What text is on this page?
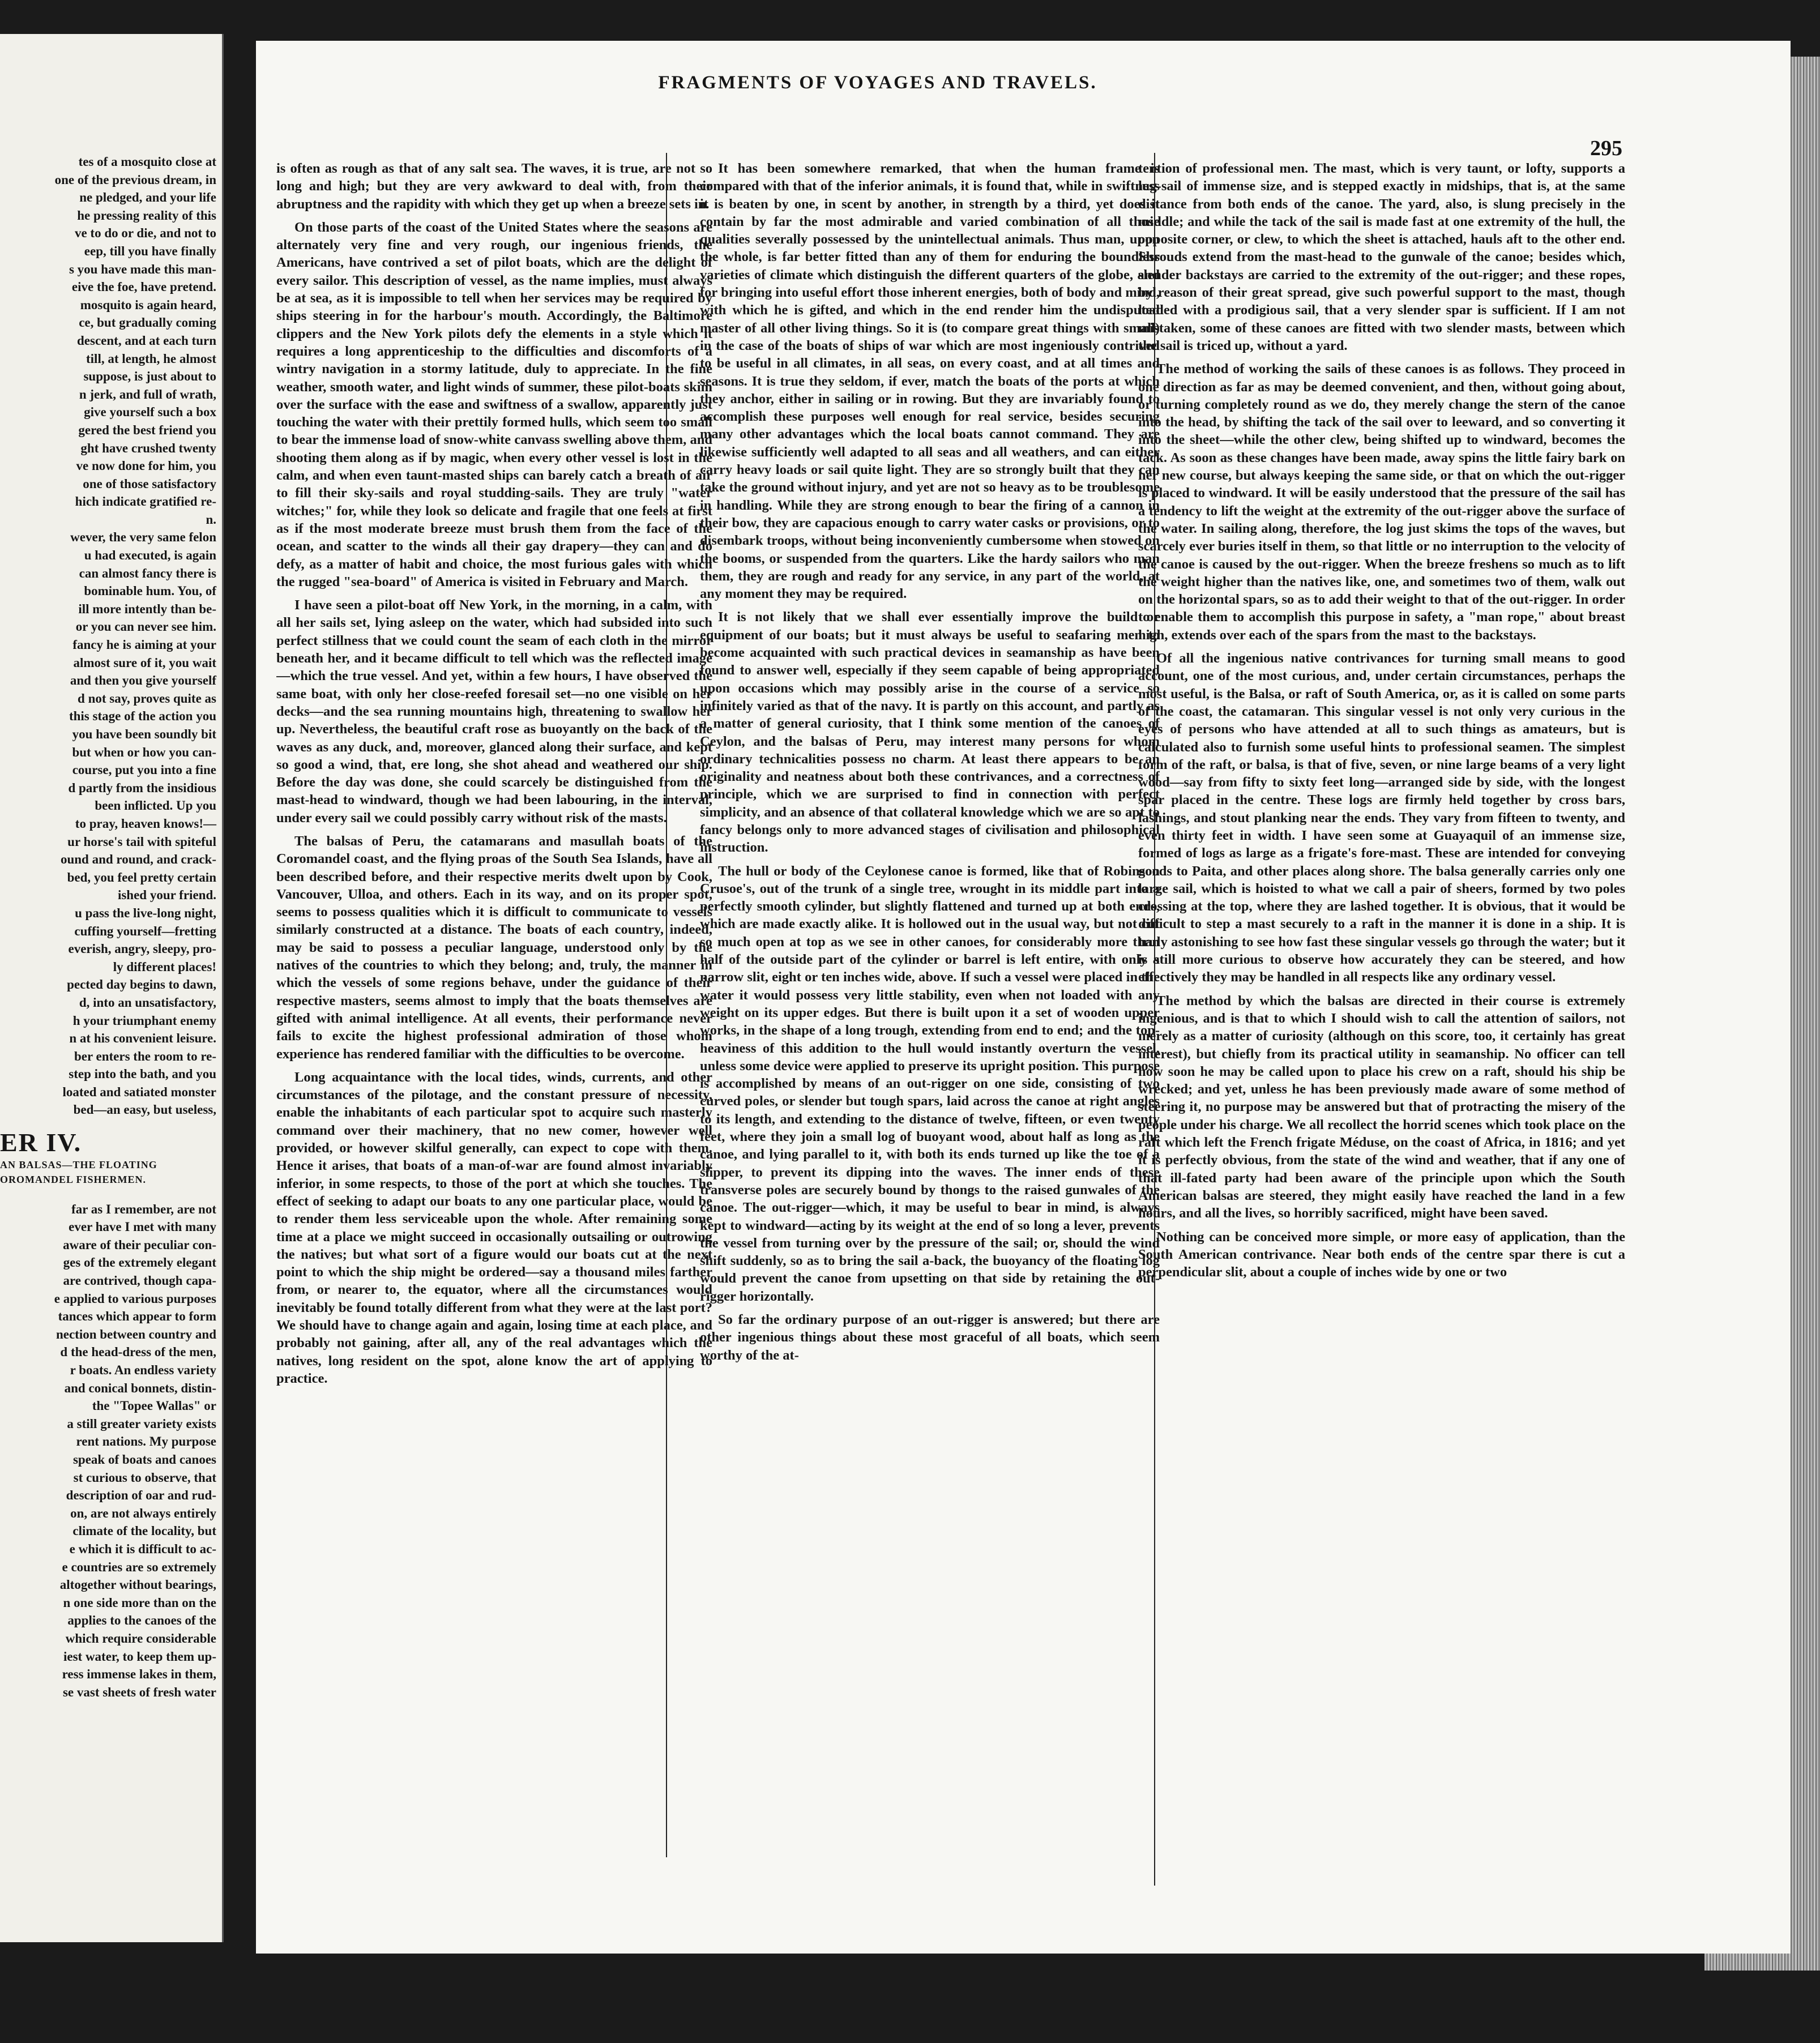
tes of a mosquito close at

one of the previous dream, in

ne pledged, and your life

he pressing reality of this

ve to do or die, and not to

eep, till you have finally

s you have made this man-

eive the foe, have pretend.

mosquito is again heard,

ce, but gradually coming

descent, and at each turn

till, at length, he almost

suppose, is just about to

n jerk, and full of wrath,

give yourself such a box

gered the best friend you

ght have crushed twenty

ve now done for him, you

one of those satisfactory

hich indicate gratified re-

n.

wever, the very same felon

u had executed, is again

can almost fancy there is

bominable hum. You, of

ill more intently than be-

or you can never see him.

fancy he is aiming at your

almost sure of it, you wait

and then you give yourself

d not say, proves quite as

this stage of the action you

you have been soundly bit

but when or how you can-

course, put you into a fine

d partly from the insidious

been inflicted. Up you

to pray, heaven knows!—

ur horse's tail with spiteful

ound and round, and crack-

bed, you feel pretty certain

ished your friend.

u pass the live-long night,

cuffing yourself—fretting

everish, angry, sleepy, pro-

ly different places!

pected day begins to dawn,

d, into an unsatisfactory,

h your triumphant enemy

n at his convenient leisure.

ber enters the room to re-

step into the bath, and you

loated and satiated monster

bed—an easy, but useless,

ER IV.
AN BALSAS—THE FLOATING
OROMANDEL FISHERMEN.

far as I remember, are not

ever have I met with many

aware of their peculiar con-

ges of the extremely elegant

are contrived, though capa-

e applied to various purposes

tances which appear to form

nection between country and

d the head-dress of the men,

r boats. An endless variety

and conical bonnets, distin-

the "Topee Wallas" or

a still greater variety exists

rent nations. My purpose

speak of boats and canoes

st curious to observe, that

description of oar and rud-

on, are not always entirely

climate of the locality, but

e which it is difficult to ac-

e countries are so extremely

altogether without bearings,

n one side more than on the

applies to the canoes of the

which require considerable

iest water, to keep them up-

ress immense lakes in them,

se vast sheets of fresh water

FRAGMENTS OF VOYAGES AND TRAVELS.
295

is often as rough as that of any salt sea. The waves, it is true, are not so long and high; but they are very awkward to deal with, from their abruptness and the rapidity with which they get up when a breeze sets in.

On those parts of the coast of the United States where the seasons are alternately very fine and very rough, our ingenious friends, the Americans, have contrived a set of pilot boats, which are the delight of every sailor. This description of vessel, as the name implies, must always be at sea, as it is impossible to tell when her services may be required by ships steering in for the harbour's mouth. Accordingly, the Baltimore clippers and the New York pilots defy the elements in a style which it requires a long apprenticeship to the difficulties and discomforts of a wintry navigation in a stormy latitude, duly to appreciate. In the fine weather, smooth water, and light winds of summer, these pilot-boats skim over the surface with the ease and swiftness of a swallow, apparently just touching the water with their prettily formed hulls, which seem too small to bear the immense load of snow-white canvass swelling above them, and shooting them along as if by magic, when every other vessel is lost in the calm, and when even taunt-masted ships can barely catch a breath of air to fill their sky-sails and royal studding-sails. They are truly "water witches;" for, while they look so delicate and fragile that one feels at first as if the most moderate breeze must brush them from the face of the ocean, and scatter to the winds all their gay drapery—they can and do defy, as a matter of habit and choice, the most furious gales with which the rugged "sea-board" of America is visited in February and March.

I have seen a pilot-boat off New York, in the morning, in a calm, with all her sails set, lying asleep on the water, which had subsided into such perfect stillness that we could count the seam of each cloth in the mirror beneath her, and it became difficult to tell which was the reflected image—which the true vessel. And yet, within a few hours, I have observed the same boat, with only her close-reefed foresail set—no one visible on her decks—and the sea running mountains high, threatening to swallow her up. Nevertheless, the beautiful craft rose as buoyantly on the back of the waves as any duck, and, moreover, glanced along their surface, and kept so good a wind, that, ere long, she shot ahead and weathered our ship. Before the day was done, she could scarcely be distinguished from the mast-head to windward, though we had been labouring, in the interval, under every sail we could possibly carry without risk of the masts.

The balsas of Peru, the catamarans and masullah boats of the Coromandel coast, and the flying proas of the South Sea Islands, have all been described before, and their respective merits dwelt upon by Cook, Vancouver, Ulloa, and others. Each in its way, and on its proper spot, seems to possess qualities which it is difficult to communicate to vessels similarly constructed at a distance. The boats of each country, indeed, may be said to possess a peculiar language, understood only by the natives of the countries to which they belong; and, truly, the manner in which the vessels of some regions behave, under the guidance of their respective masters, seems almost to imply that the boats themselves are gifted with animal intelligence. At all events, their performance never fails to excite the highest professional admiration of those whom experience has rendered familiar with the difficulties to be overcome.

Long acquaintance with the local tides, winds, currents, and other circumstances of the pilotage, and the constant pressure of necessity, enable the inhabitants of each particular spot to acquire such masterly command over their machinery, that no new comer, however well provided, or however skilful generally, can expect to cope with them. Hence it arises, that boats of a man-of-war are found almost invariably inferior, in some respects, to those of the port at which she touches. The effect of seeking to adapt our boats to any one particular place, would be to render them less serviceable upon the whole. After remaining some time at a place we might succeed in occasionally outsailing or outrowing the natives; but what sort of a figure would our boats cut at the next point to which the ship might be ordered—say a thousand miles farther from, or nearer to, the equator, where all the circumstances would inevitably be found totally different from what they were at the last port? We should have to change again and again, losing time at each place, and probably not gaining, after all, any of the real advantages which the natives, long resident on the spot, alone know the art of applying to practice.

It has been somewhere remarked, that when the human frame is compared with that of the inferior animals, it is found that, while in swiftness it is beaten by one, in scent by another, in strength by a third, yet does it contain by far the most admirable and varied combination of all those qualities severally possessed by the unintellectual animals. Thus man, upon the whole, is far better fitted than any of them for enduring the boundless varieties of climate which distinguish the different quarters of the globe, and for bringing into useful effort those inherent energies, both of body and mind, with which he is gifted, and which in the end render him the undisputed master of all other living things. So it is (to compare great things with small) in the case of the boats of ships of war which are most ingeniously contrived to be useful in all climates, in all seas, on every coast, and at all times and seasons. It is true they seldom, if ever, match the boats of the ports at which they anchor, either in sailing or in rowing. But they are invariably found to accomplish these purposes well enough for real service, besides securing many other advantages which the local boats cannot command. They are likewise sufficiently well adapted to all seas and all weathers, and can either carry heavy loads or sail quite light. They are so strongly built that they can take the ground without injury, and yet are not so heavy as to be troublesome in handling. While they are strong enough to bear the firing of a cannon in their bow, they are capacious enough to carry water casks or provisions, or to disembark troops, without being inconveniently cumbersome when stowed on the booms, or suspended from the quarters. Like the hardy sailors who man them, they are rough and ready for any service, in any part of the world, at any moment they may be required.

It is not likely that we shall ever essentially improve the build or equipment of our boats; but it must always be useful to seafaring men to become acquainted with such practical devices in seamanship as have been found to answer well, especially if they seem capable of being appropriated upon occasions which may possibly arise in the course of a service so infinitely varied as that of the navy. It is partly on this account, and partly as a matter of general curiosity, that I think some mention of the canoes of Ceylon, and the balsas of Peru, may interest many persons for whom ordinary technicalities possess no charm. At least there appears to be an originality and neatness about both these contrivances, and a correctness of principle, which we are surprised to find in connection with perfect simplicity, and an absence of that collateral knowledge which we are so apt to fancy belongs only to more advanced stages of civilisation and philosophical instruction.

The hull or body of the Ceylonese canoe is formed, like that of Robinson Crusoe's, out of the trunk of a single tree, wrought in its middle part into a perfectly smooth cylinder, but slightly flattened and turned up at both ends, which are made exactly alike. It is hollowed out in the usual way, but not cut so much open at top as we see in other canoes, for considerably more than half of the outside part of the cylinder or barrel is left entire, with only a narrow slit, eight or ten inches wide, above. If such a vessel were placed in the water it would possess very little stability, even when not loaded with any weight on its upper edges. But there is built upon it a set of wooden upper works, in the shape of a long trough, extending from end to end; and the top-heaviness of this addition to the hull would instantly overturn the vessel, unless some device were applied to preserve its upright position. This purpose is accomplished by means of an out-rigger on one side, consisting of two curved poles, or slender but tough spars, laid across the canoe at right angles to its length, and extending to the distance of twelve, fifteen, or even twenty feet, where they join a small log of buoyant wood, about half as long as the canoe, and lying parallel to it, with both its ends turned up like the toe of a slipper, to prevent its dipping into the waves. The inner ends of these transverse poles are securely bound by thongs to the raised gunwales of the canoe. The out-rigger—which, it may be useful to bear in mind, is always kept to windward—acting by its weight at the end of so long a lever, prevents the vessel from turning over by the pressure of the sail; or, should the wind shift suddenly, so as to bring the sail a-back, the buoyancy of the floating log would prevent the canoe from upsetting on that side by retaining the out-rigger horizontally.

So far the ordinary purpose of an out-rigger is answered; but there are other ingenious things about these most graceful of all boats, which seem worthy of the at-

tention of professional men. The mast, which is very taunt, or lofty, supports a lug-sail of immense size, and is stepped exactly in midships, that is, at the same distance from both ends of the canoe. The yard, also, is slung precisely in the middle; and while the tack of the sail is made fast at one extremity of the hull, the opposite corner, or clew, to which the sheet is attached, hauls aft to the other end. Shrouds extend from the mast-head to the gunwale of the canoe; besides which, slender backstays are carried to the extremity of the out-rigger; and these ropes, by reason of their great spread, give such powerful support to the mast, though loaded with a prodigious sail, that a very slender spar is sufficient. If I am not mistaken, some of these canoes are fitted with two slender masts, between which the sail is triced up, without a yard.

The method of working the sails of these canoes is as follows. They proceed in one direction as far as may be deemed convenient, and then, without going about, or turning completely round as we do, they merely change the stern of the canoe into the head, by shifting the tack of the sail over to leeward, and so converting it into the sheet—while the other clew, being shifted up to windward, becomes the tack. As soon as these changes have been made, away spins the little fairy bark on her new course, but always keeping the same side, or that on which the out-rigger is placed to windward. It will be easily understood that the pressure of the sail has a tendency to lift the weight at the extremity of the out-rigger above the surface of the water. In sailing along, therefore, the log just skims the tops of the waves, but scarcely ever buries itself in them, so that little or no interruption to the velocity of the canoe is caused by the out-rigger. When the breeze freshens so much as to lift the weight higher than the natives like, one, and sometimes two of them, walk out on the horizontal spars, so as to add their weight to that of the out-rigger. In order to enable them to accomplish this purpose in safety, a "man rope," about breast high, extends over each of the spars from the mast to the backstays.

Of all the ingenious native contrivances for turning small means to good account, one of the most curious, and, under certain circumstances, perhaps the most useful, is the Balsa, or raft of South America, or, as it is called on some parts of the coast, the catamaran. This singular vessel is not only very curious in the eyes of persons who have attended at all to such things as amateurs, but is calculated also to furnish some useful hints to professional seamen. The simplest form of the raft, or balsa, is that of five, seven, or nine large beams of a very light wood—say from fifty to sixty feet long—arranged side by side, with the longest spar placed in the centre. These logs are firmly held together by cross bars, lashings, and stout planking near the ends. They vary from fifteen to twenty, and even thirty feet in width. I have seen some at Guayaquil of an immense size, formed of logs as large as a frigate's fore-mast. These are intended for conveying goods to Paita, and other places along shore. The balsa generally carries only one large sail, which is hoisted to what we call a pair of sheers, formed by two poles crossing at the top, where they are lashed together. It is obvious, that it would be difficult to step a mast securely to a raft in the manner it is done in a ship. It is truly astonishing to see how fast these singular vessels go through the water; but it is still more curious to observe how accurately they can be steered, and how effectively they may be handled in all respects like any ordinary vessel.

The method by which the balsas are directed in their course is extremely ingenious, and is that to which I should wish to call the attention of sailors, not merely as a matter of curiosity (although on this score, too, it certainly has great interest), but chiefly from its practical utility in seamanship. No officer can tell how soon he may be called upon to place his crew on a raft, should his ship be wrecked; and yet, unless he has been previously made aware of some method of steering it, no purpose may be answered but that of protracting the misery of the people under his charge. We all recollect the horrid scenes which took place on the raft which left the French frigate Méduse, on the coast of Africa, in 1816; and yet it is perfectly obvious, from the state of the wind and weather, that if any one of that ill-fated party had been aware of the principle upon which the South American balsas are steered, they might easily have reached the land in a few hours, and all the lives, so horribly sacrificed, might have been saved.

Nothing can be conceived more simple, or more easy of application, than the South American contrivance. Near both ends of the centre spar there is cut a perpendicular slit, about a couple of inches wide by one or two
